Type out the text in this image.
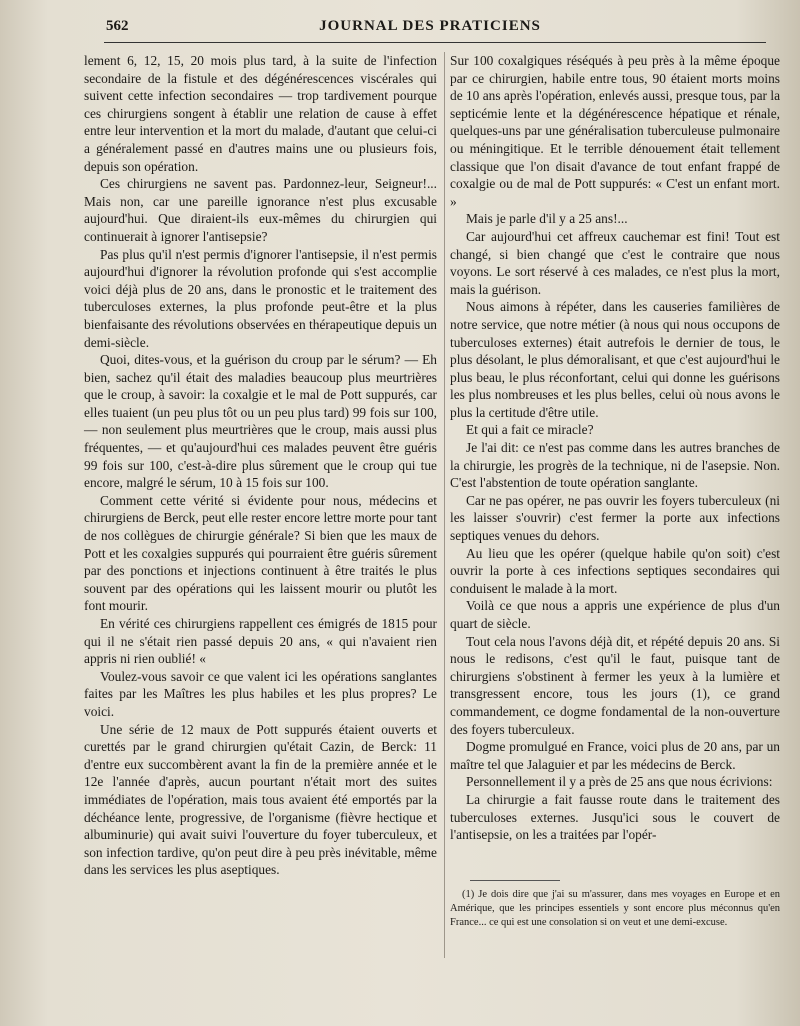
562	JOURNAL DES PRATICIENS

lement 6, 12, 15, 20 mois plus tard, à la suite de l'infection secondaire de la fistule et des dégénérescences viscérales qui suivent cette infection secondaires — trop tardivement pourque ces chirurgiens songent à établir une relation de cause à effet entre leur intervention et la mort du malade, d'autant que celui-ci a généralement passé en d'autres mains une ou plusieurs fois, depuis son opération.

Ces chirurgiens ne savent pas. Pardonnez-leur, Seigneur!... Mais non, car une pareille ignorance n'est plus excusable aujourd'hui. Que diraient-ils eux-mêmes du chirurgien qui continuerait à ignorer l'antisepsie?

Pas plus qu'il n'est permis d'ignorer l'antisepsie, il n'est permis aujourd'hui d'ignorer la révolution profonde qui s'est accomplie voici déjà plus de 20 ans, dans le pronostic et le traitement des tuberculoses externes, la plus profonde peut-être et la plus bienfaisante des révolutions observées en thérapeutique depuis un demi-siècle.

Quoi, dites-vous, et la guérison du croup par le sérum? — Eh bien, sachez qu'il était des maladies beaucoup plus meurtrières que le croup, à savoir: la coxalgie et le mal de Pott suppurés, car elles tuaient (un peu plus tôt ou un peu plus tard) 99 fois sur 100, — non seulement plus meurtrières que le croup, mais aussi plus fréquentes, — et qu'aujourd'hui ces malades peuvent être guéris 99 fois sur 100, c'est-à-dire plus sûrement que le croup qui tue encore, malgré le sérum, 10 à 15 fois sur 100.

Comment cette vérité si évidente pour nous, médecins et chirurgiens de Berck, peut elle rester encore lettre morte pour tant de nos collègues de chirurgie générale? Si bien que les maux de Pott et les coxalgies suppurés qui pourraient être guéris sûrement par des ponctions et injections continuent à être traités le plus souvent par des opérations qui les laissent mourir ou plutôt les font mourir.

En vérité ces chirurgiens rappellent ces émigrés de 1815 pour qui il ne s'était rien passé depuis 20 ans, « qui n'avaient rien appris ni rien oublié! «

Voulez-vous savoir ce que valent ici les opérations sanglantes faites par les Maîtres les plus habiles et les plus propres? Le voici.

Une série de 12 maux de Pott suppurés étaient ouverts et curettés par le grand chirurgien qu'était Cazin, de Berck: 11 d'entre eux succombèrent avant la fin de la première année et le 12e l'année d'après, aucun pourtant n'était mort des suites immédiates de l'opération, mais tous avaient été emportés par la déchéance lente, progressive, de l'organisme (fièvre hectique et albuminurie) qui avait suivi l'ouverture du foyer tuberculeux, et son infection tardive, qu'on peut dire à peu près inévitable, même dans les services les plus aseptiques.

Sur 100 coxalgiques réséqués à peu près à la même époque par ce chirurgien, habile entre tous, 90 étaient morts moins de 10 ans après l'opération, enlevés aussi, presque tous, par la septicémie lente et la dégénérescence hépatique et rénale, quelques-uns par une généralisation tuberculeuse pulmonaire ou méningitique. Et le terrible dénouement était tellement classique que l'on disait d'avance de tout enfant frappé de coxalgie ou de mal de Pott suppurés: « C'est un enfant mort. »

Mais je parle d'il y a 25 ans!...

Car aujourd'hui cet affreux cauchemar est fini! Tout est changé, si bien changé que c'est le contraire que nous voyons. Le sort réservé à ces malades, ce n'est plus la mort, mais la guérison.

Nous aimons à répéter, dans les causeries familières de notre service, que notre métier (à nous qui nous occupons de tuberculoses externes) était autrefois le dernier de tous, le plus désolant, le plus démoralisant, et que c'est aujourd'hui le plus beau, le plus réconfortant, celui qui donne les guérisons les plus nombreuses et les plus belles, celui où nous avons le plus la certitude d'être utile.

Et qui a fait ce miracle?

Je l'ai dit: ce n'est pas comme dans les autres branches de la chirurgie, les progrès de la technique, ni de l'asepsie. Non. C'est l'abstention de toute opération sanglante.

Car ne pas opérer, ne pas ouvrir les foyers tuberculeux (ni les laisser s'ouvrir) c'est fermer la porte aux infections septiques venues du dehors.

Au lieu que les opérer (quelque habile qu'on soit) c'est ouvrir la porte à ces infections septiques secondaires qui conduisent le malade à la mort.

Voilà ce que nous a appris une expérience de plus d'un quart de siècle.

Tout cela nous l'avons déjà dit, et répété depuis 20 ans. Si nous le redisons, c'est qu'il le faut, puisque tant de chirurgiens s'obstinent à fermer les yeux à la lumière et transgressent encore, tous les jours (1), ce grand commandement, ce dogme fondamental de la non-ouverture des foyers tuberculeux.

Dogme promulgué en France, voici plus de 20 ans, par un maître tel que Jalaguier et par les médecins de Berck.

Personnellement il y a près de 25 ans que nous écrivions:

La chirurgie a fait fausse route dans le traitement des tuberculoses externes. Jusqu'ici sous le couvert de l'antisepsie, on les a traitées par l'opér-

(1) Je dois dire que j'ai su m'assurer, dans mes voyages en Europe et en Amérique, que les principes essentiels y sont encore plus méconnus qu'en France... ce qui est une consolation si on veut et une demi-excuse.
